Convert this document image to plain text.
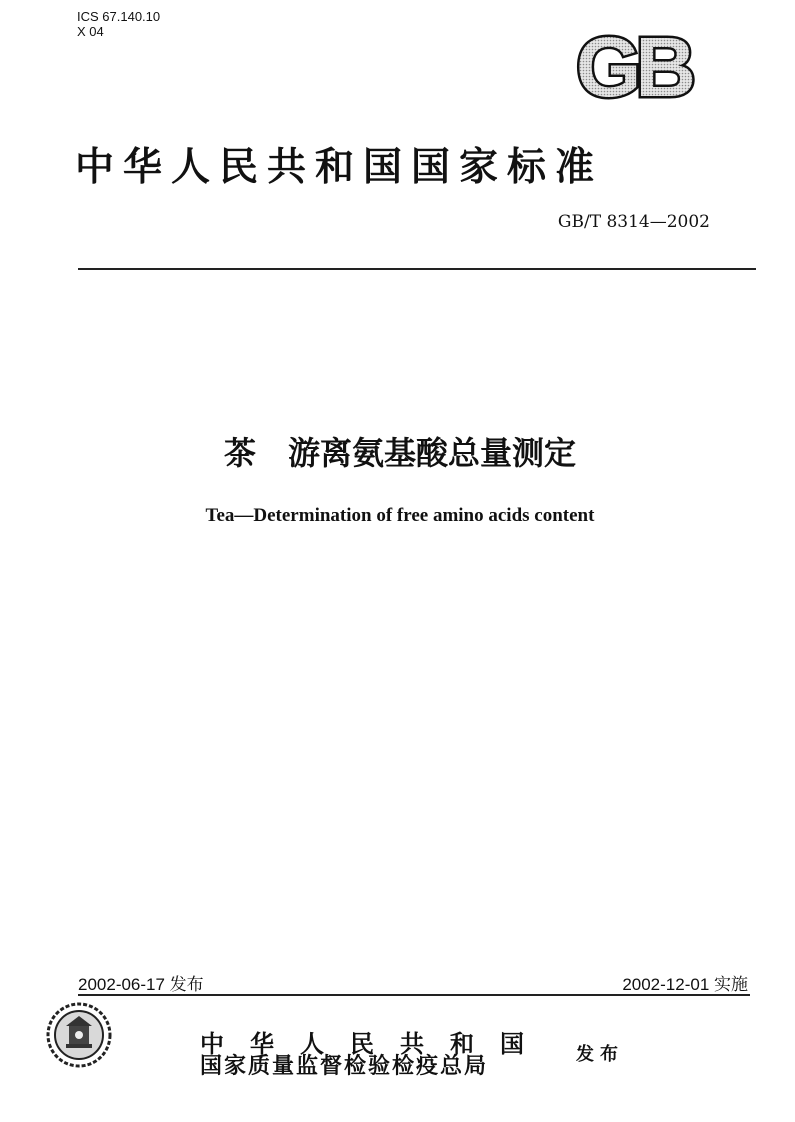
ICS 67.140.10
X 04	GB
中华人民共和国国家标准
GB/T 8314—2002
茶　游离氨基酸总量测定
Tea—Determination of free amino acids content
2002-06-17 发布	2002-12-01 实施
中 华 人 民 共 和 国
国家质量监督检验检疫总局	发布
